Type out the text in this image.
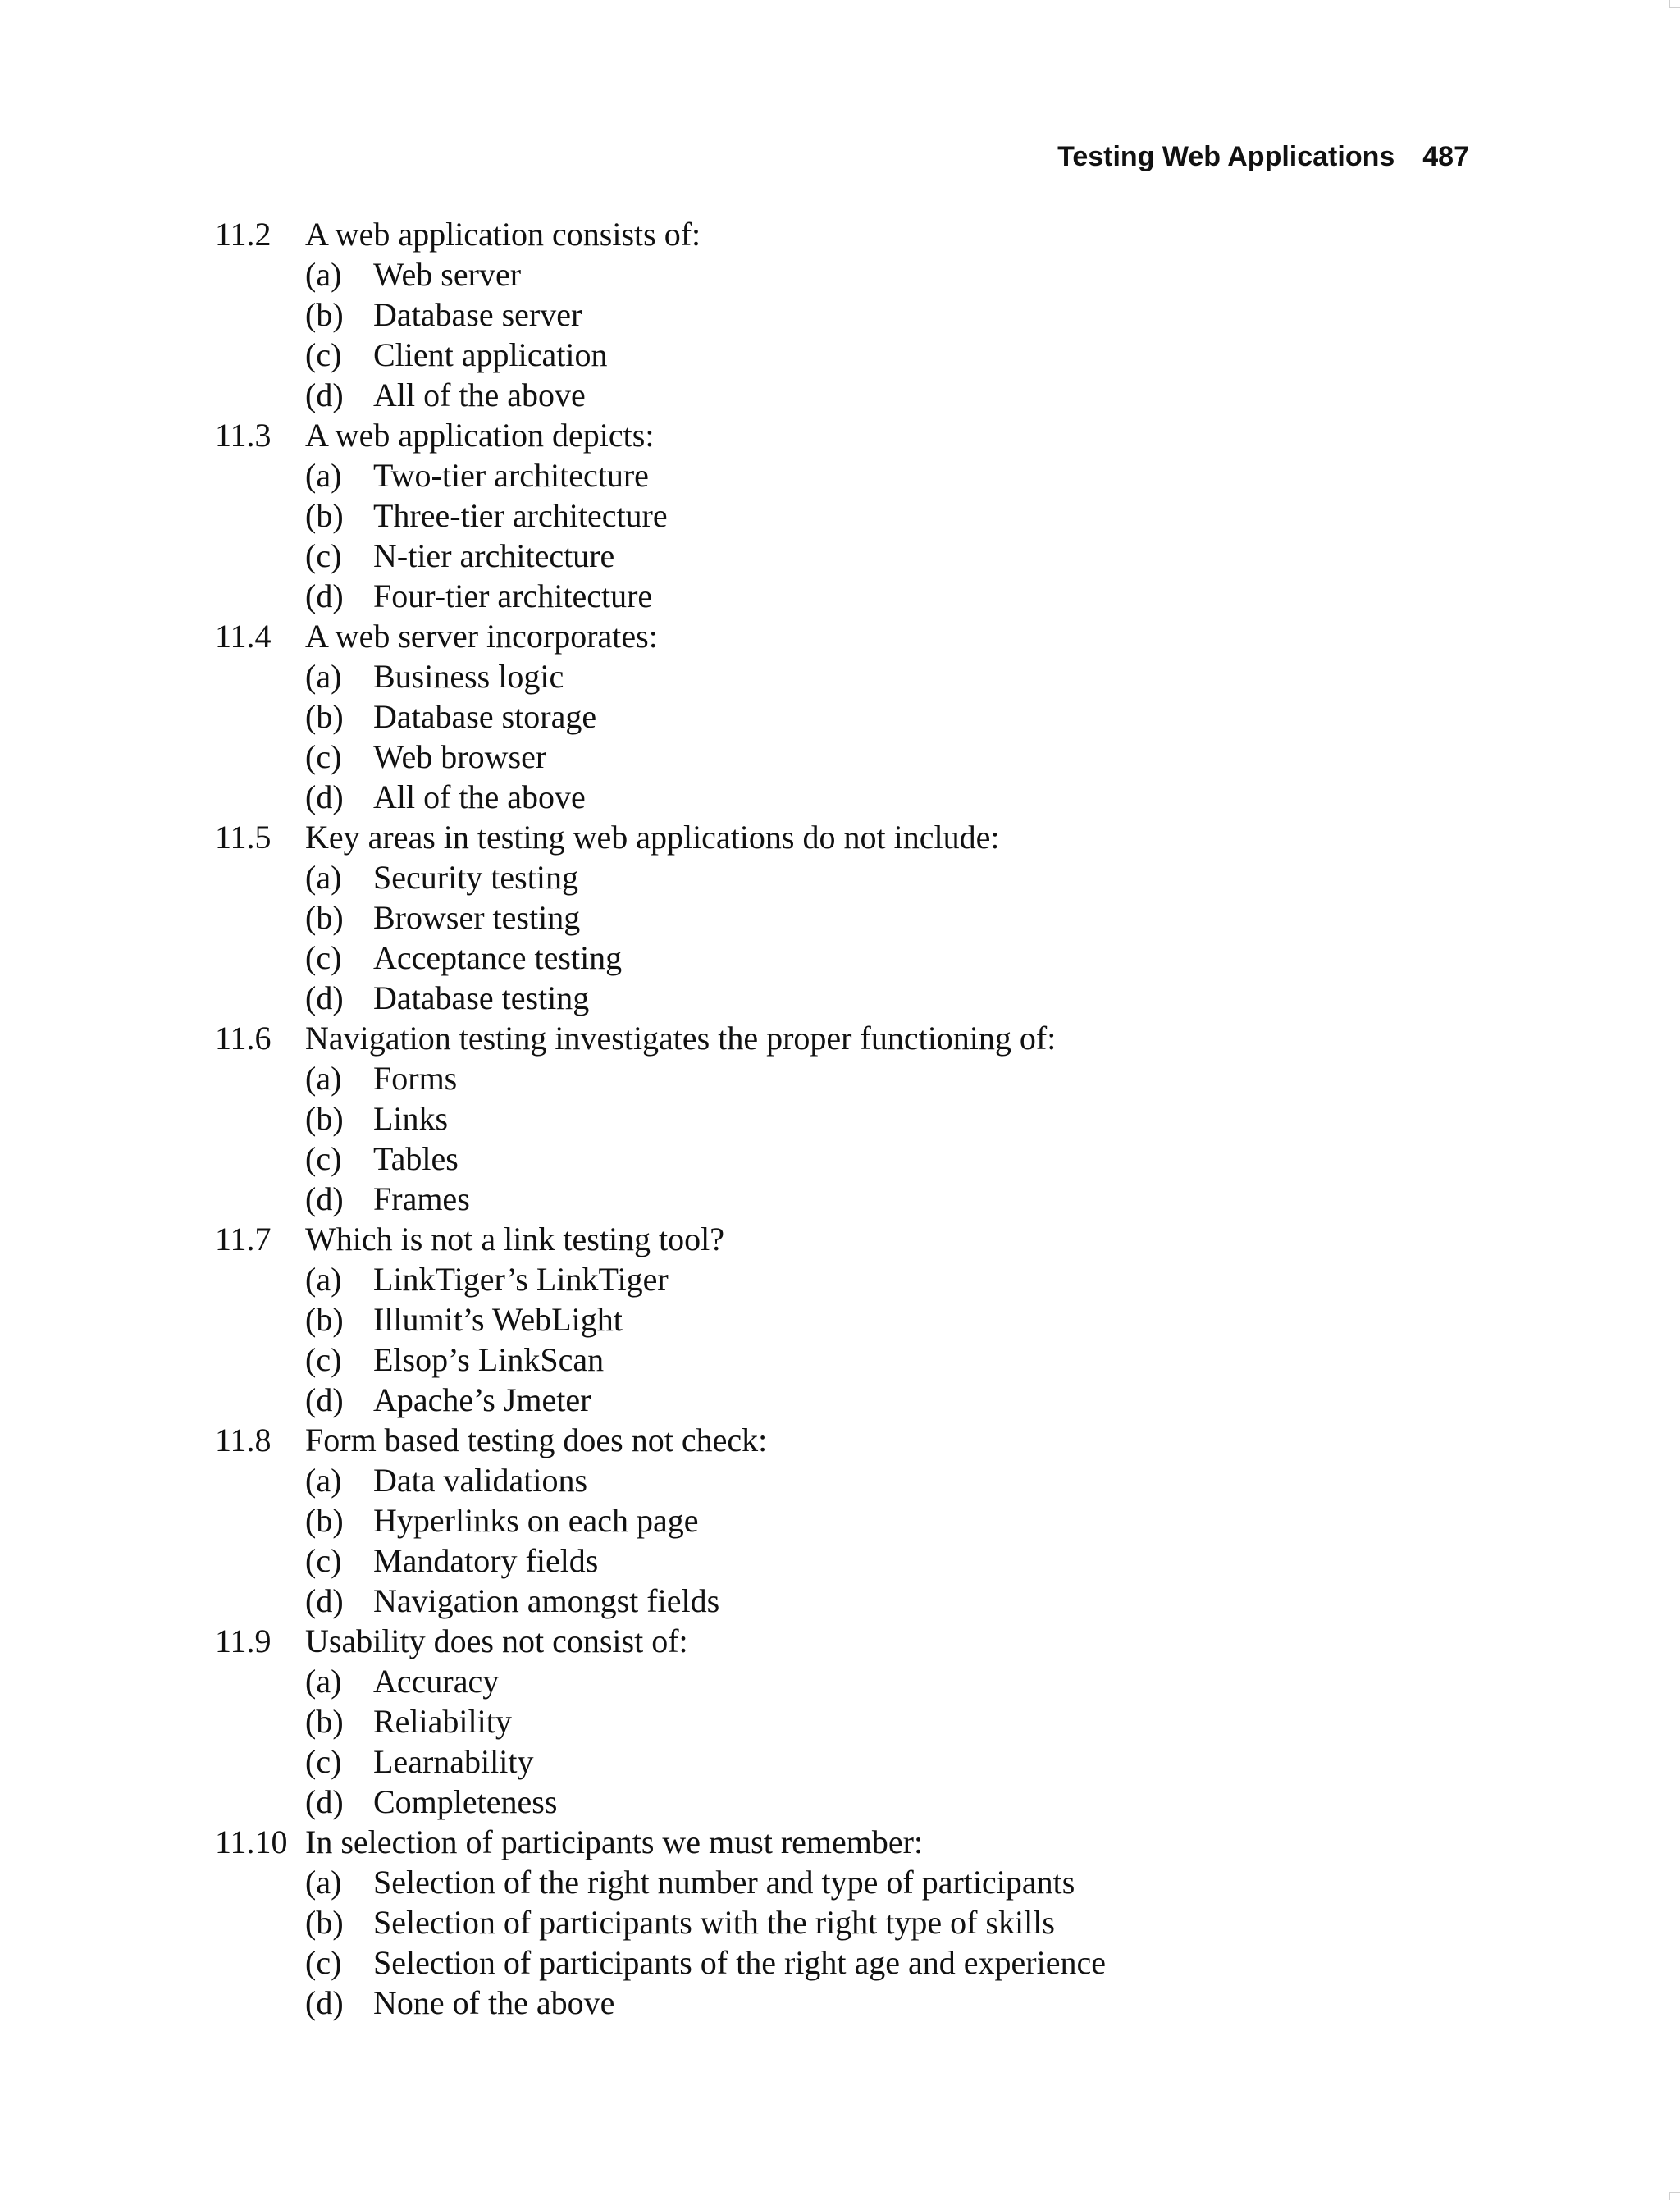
Testing Web Applications 487
11.2	A web application consists of:
(a) Web server
(b) Database server
(c) Client application
(d) All of the above
11.3	A web application depicts:
(a) Two-tier architecture
(b) Three-tier architecture
(c) N-tier architecture
(d) Four-tier architecture
11.4	A web server incorporates:
(a) Business logic
(b) Database storage
(c) Web browser
(d) All of the above
11.5	Key areas in testing web applications do not include:
(a) Security testing
(b) Browser testing
(c) Acceptance testing
(d) Database testing
11.6	Navigation testing investigates the proper functioning of:
(a) Forms
(b) Links
(c) Tables
(d) Frames
11.7	Which is not a link testing tool?
(a) LinkTiger’s LinkTiger
(b) Illumit’s WebLight
(c) Elsop’s LinkScan
(d) Apache’s Jmeter
11.8	Form based testing does not check:
(a) Data validations
(b) Hyperlinks on each page
(c) Mandatory fields
(d) Navigation amongst fields
11.9	Usability does not consist of:
(a) Accuracy
(b) Reliability
(c) Learnability
(d) Completeness
11.10 In selection of participants we must remember:
(a) Selection of the right number and type of participants
(b) Selection of participants with the right type of skills
(c) Selection of participants of the right age and experience
(d) None of the above
